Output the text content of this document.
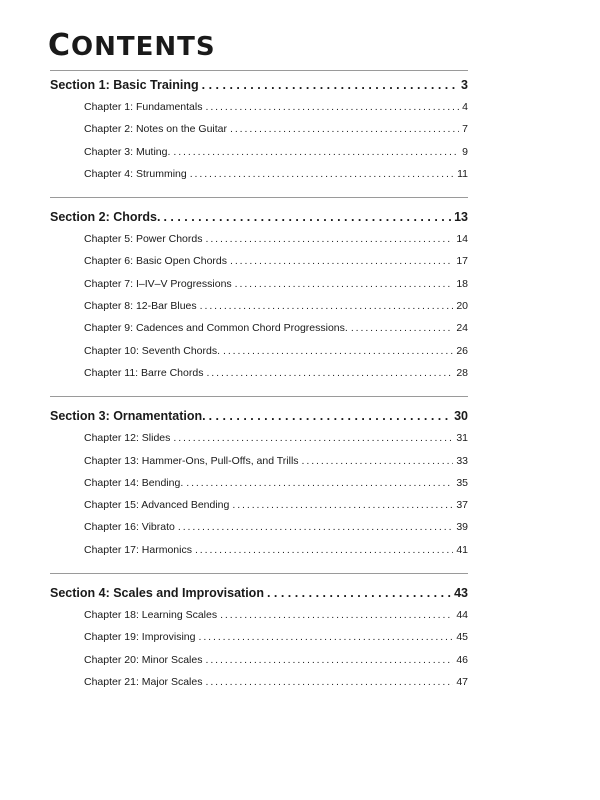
CONTENTS
Section 1: Basic Training . . .	3
Chapter 1: Fundamentals . . .	4
Chapter 2: Notes on the Guitar . . .	7
Chapter 3: Muting. . . .	9
Chapter 4: Strumming . . .	11
Section 2: Chords. . . .	13
Chapter 5: Power Chords . . .	14
Chapter 6: Basic Open Chords . . .	17
Chapter 7: I–IV–V Progressions . . .	18
Chapter 8: 12-Bar Blues . . .	20
Chapter 9: Cadences and Common Chord Progressions. . . .	24
Chapter 10: Seventh Chords. . . .	26
Chapter 11: Barre Chords . . .	28
Section 3: Ornamentation. . . .	30
Chapter 12: Slides . . .	31
Chapter 13: Hammer-Ons, Pull-Offs, and Trills . . .	33
Chapter 14: Bending. . . .	35
Chapter 15: Advanced Bending . . .	37
Chapter 16: Vibrato . . .	39
Chapter 17: Harmonics . . .	41
Section 4: Scales and Improvisation . . .	43
Chapter 18: Learning Scales . . .	44
Chapter 19: Improvising . . .	45
Chapter 20: Minor Scales . . .	46
Chapter 21: Major Scales . . .	47
